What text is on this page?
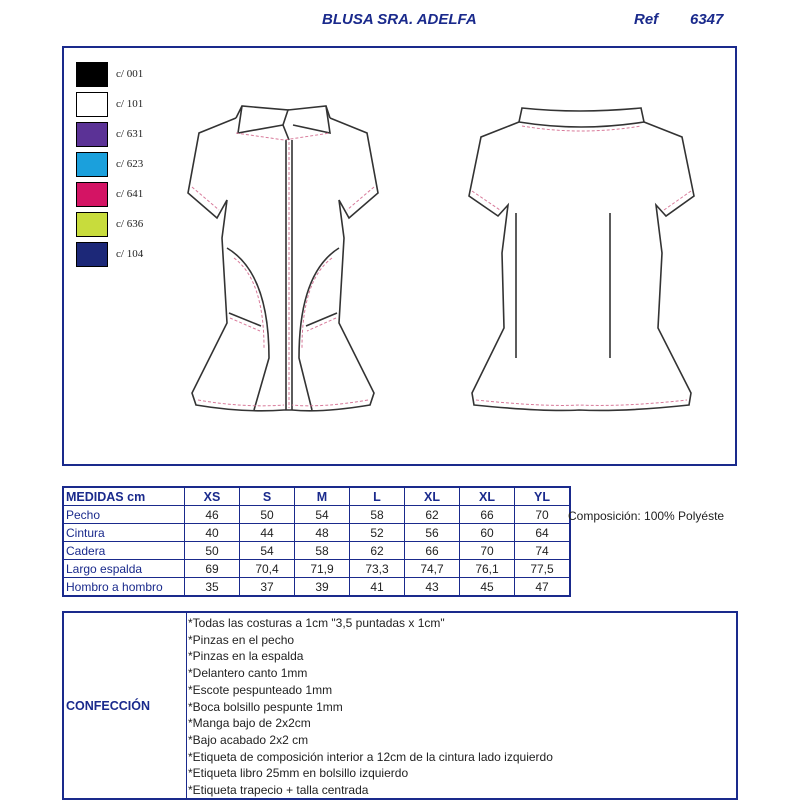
BLUSA SRA. ADELFA	Ref 6347
c/ 001
c/ 101
c/ 631
c/ 623
c/ 641
c/ 636
c/ 104
MEDIDAS cm	XS	S	M	L	XL	XL	YL
Pecho	46	50	54	58	62	66	70
Cintura	40	44	48	52	56	60	64
Cadera	50	54	58	62	66	70	74
Largo espalda	69	70,4	71,9	73,3	74,7	76,1	77,5
Hombro a hombro	35	37	39	41	43	45	47
Composición: 100% Polyéste
CONFECCIÓN
*Todas las costuras a 1cm "3,5 puntadas x 1cm"
*Pinzas en el pecho
*Pinzas en la espalda
*Delantero canto 1mm
*Escote pespunteado 1mm
*Boca bolsillo pespunte 1mm
*Manga bajo de 2x2cm
*Bajo acabado 2x2 cm
*Etiqueta de composición interior a 12cm de la cintura lado izquierdo
*Etiqueta libro 25mm en bolsillo izquierdo
*Etiqueta trapecio + talla centrada
